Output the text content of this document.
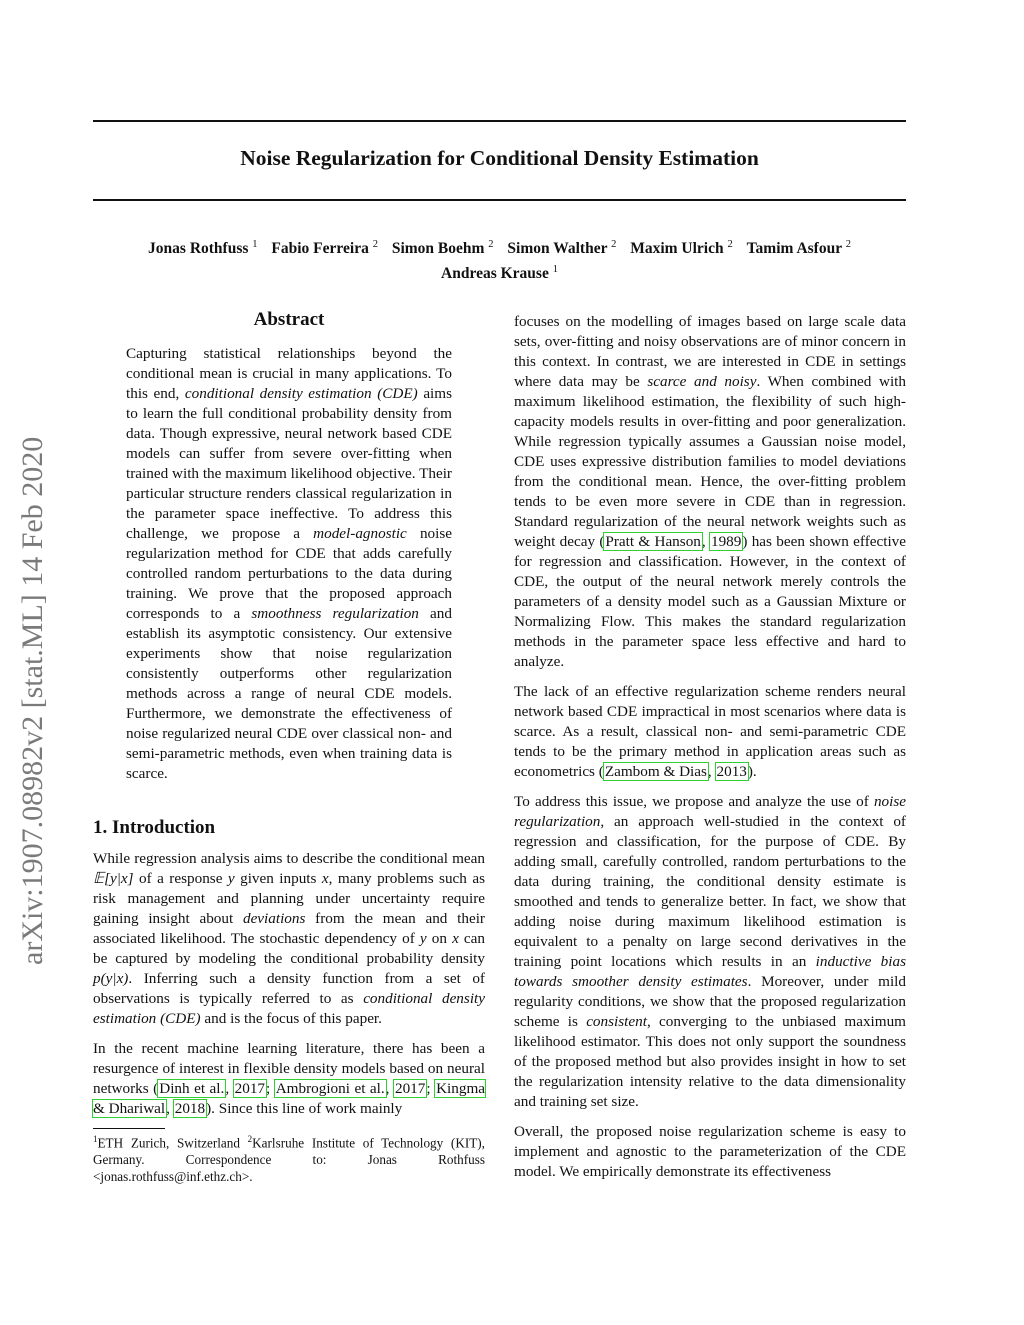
arXiv:1907.08982v2 [stat.ML] 14 Feb 2020
Noise Regularization for Conditional Density Estimation
Jonas Rothfuss $^1$ Fabio Ferreira $^2$ Simon Boehm $^2$ Simon Walther $^2$ Maxim Ulrich $^2$ Tamim Asfour $^2$
Andreas Krause $^1$
Abstract
Capturing statistical relationships beyond the conditional mean is crucial in many applications. To this end, conditional density estimation (CDE) aims to learn the full conditional probability density from data. Though expressive, neural network based CDE models can suffer from severe over-fitting when trained with the maximum likelihood objective. Their particular structure renders classical regularization in the parameter space ineffective. To address this challenge, we propose a model-agnostic noise regularization method for CDE that adds carefully controlled random perturbations to the data during training. We prove that the proposed approach corresponds to a smoothness regularization and establish its asymptotic consistency. Our extensive experiments show that noise regularization consistently outperforms other regularization methods across a range of neural CDE models. Furthermore, we demonstrate the effectiveness of noise regularized neural CDE over classical non- and semi-parametric methods, even when training data is scarce.
1. Introduction

While regression analysis aims to describe the conditional mean 𝔼[y|x] of a response y given inputs x, many problems such as risk management and planning under uncertainty require gaining insight about deviations from the mean and their associated likelihood. The stochastic dependency of y on x can be captured by modeling the conditional probability density p(y|x). Inferring such a density function from a set of observations is typically referred to as conditional density estimation (CDE) and is the focus of this paper.

In the recent machine learning literature, there has been a resurgence of interest in flexible density models based on neural networks (Dinh et al., 2017; Ambrogioni et al., 2017; Kingma & Dhariwal, 2018). Since this line of work mainly

$^1$ETH Zurich, Switzerland $^2$Karlsruhe Institute of Technology (KIT), Germany. Correspondence to: Jonas Rothfuss <jonas.rothfuss@inf.ethz.ch>.

focuses on the modelling of images based on large scale data sets, over-fitting and noisy observations are of minor concern in this context. In contrast, we are interested in CDE in settings where data may be scarce and noisy. When combined with maximum likelihood estimation, the flexibility of such high-capacity models results in over-fitting and poor generalization. While regression typically assumes a Gaussian noise model, CDE uses expressive distribution families to model deviations from the conditional mean. Hence, the over-fitting problem tends to be even more severe in CDE than in regression. Standard regularization of the neural network weights such as weight decay (Pratt & Hanson, 1989) has been shown effective for regression and classification. However, in the context of CDE, the output of the neural network merely controls the parameters of a density model such as a Gaussian Mixture or Normalizing Flow. This makes the standard regularization methods in the parameter space less effective and hard to analyze.

The lack of an effective regularization scheme renders neural network based CDE impractical in most scenarios where data is scarce. As a result, classical non- and semi-parametric CDE tends to be the primary method in application areas such as econometrics (Zambom & Dias, 2013).

To address this issue, we propose and analyze the use of noise regularization, an approach well-studied in the context of regression and classification, for the purpose of CDE. By adding small, carefully controlled, random perturbations to the data during training, the conditional density estimate is smoothed and tends to generalize better. In fact, we show that adding noise during maximum likelihood estimation is equivalent to a penalty on large second derivatives in the training point locations which results in an inductive bias towards smoother density estimates. Moreover, under mild regularity conditions, we show that the proposed regularization scheme is consistent, converging to the unbiased maximum likelihood estimator. This does not only support the soundness of the proposed method but also provides insight in how to set the regularization intensity relative to the data dimensionality and training set size.

Overall, the proposed noise regularization scheme is easy to implement and agnostic to the parameterization of the CDE model. We empirically demonstrate its effectiveness
